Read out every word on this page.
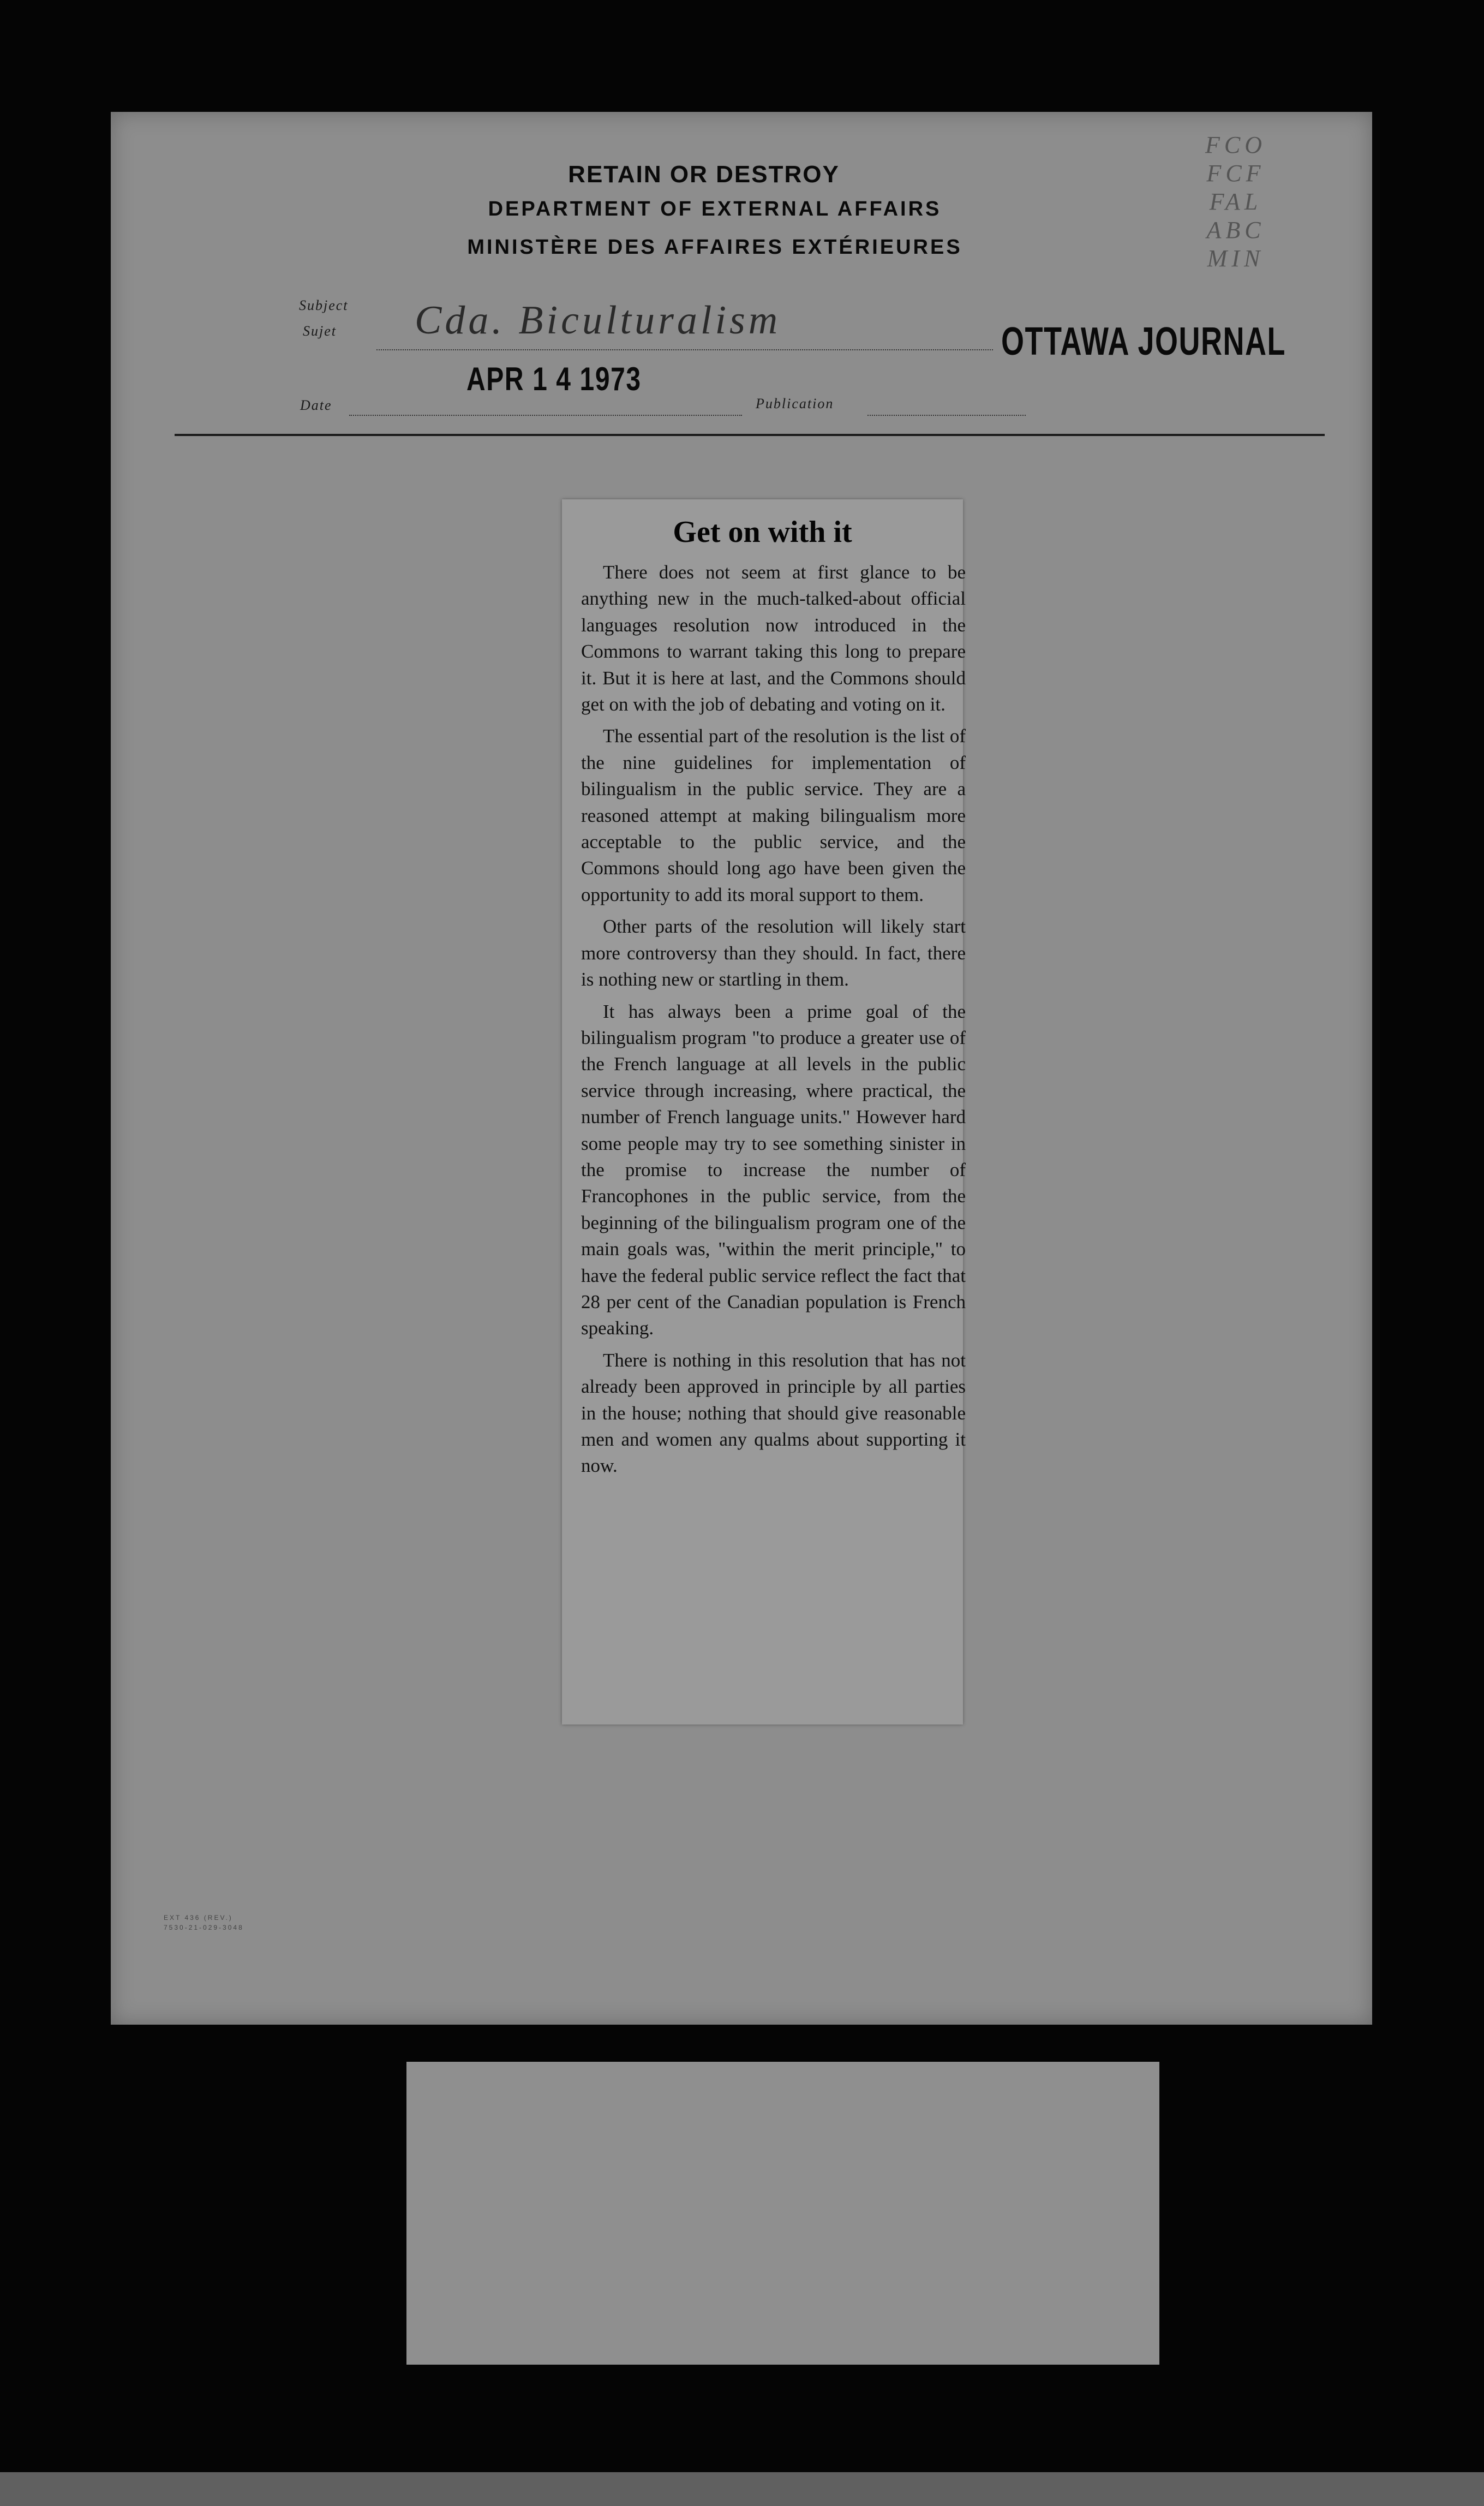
RETAIN OR DESTROY
DEPARTMENT OF EXTERNAL AFFAIRS
MINISTÈRE DES AFFAIRES EXTÉRIEURES
FCO
FCF
FAL
ABC
MIN
Subject
Sujet Cda. Biculturalism	OTTAWA JOURNAL
Date
APR 1 4 1973
Publication
Get on with it

There does not seem at first glance to be anything new in the much-talked-about official languages resolution now introduced in the Commons to warrant taking this long to prepare it. But it is here at last, and the Commons should get on with the job of debating and voting on it.

The essential part of the resolution is the list of the nine guidelines for implementation of bilingualism in the public service. They are a reasoned attempt at making bilingualism more acceptable to the public service, and the Commons should long ago have been given the opportunity to add its moral support to them.

Other parts of the resolution will likely start more controversy than they should. In fact, there is nothing new or startling in them.

It has always been a prime goal of the bilingualism program "to produce a greater use of the French language at all levels in the public service through increasing, where practical, the number of French language units." However hard some people may try to see something sinister in the promise to increase the number of Francophones in the public service, from the beginning of the bilingualism program one of the main goals was, "within the merit principle," to have the federal public service reflect the fact that 28 per cent of the Canadian population is French speaking.

There is nothing in this resolution that has not already been approved in principle by all parties in the house; nothing that should give reasonable men and women any qualms about supporting it now.

EXT 436 (REV.)
7530-21-029-3048
